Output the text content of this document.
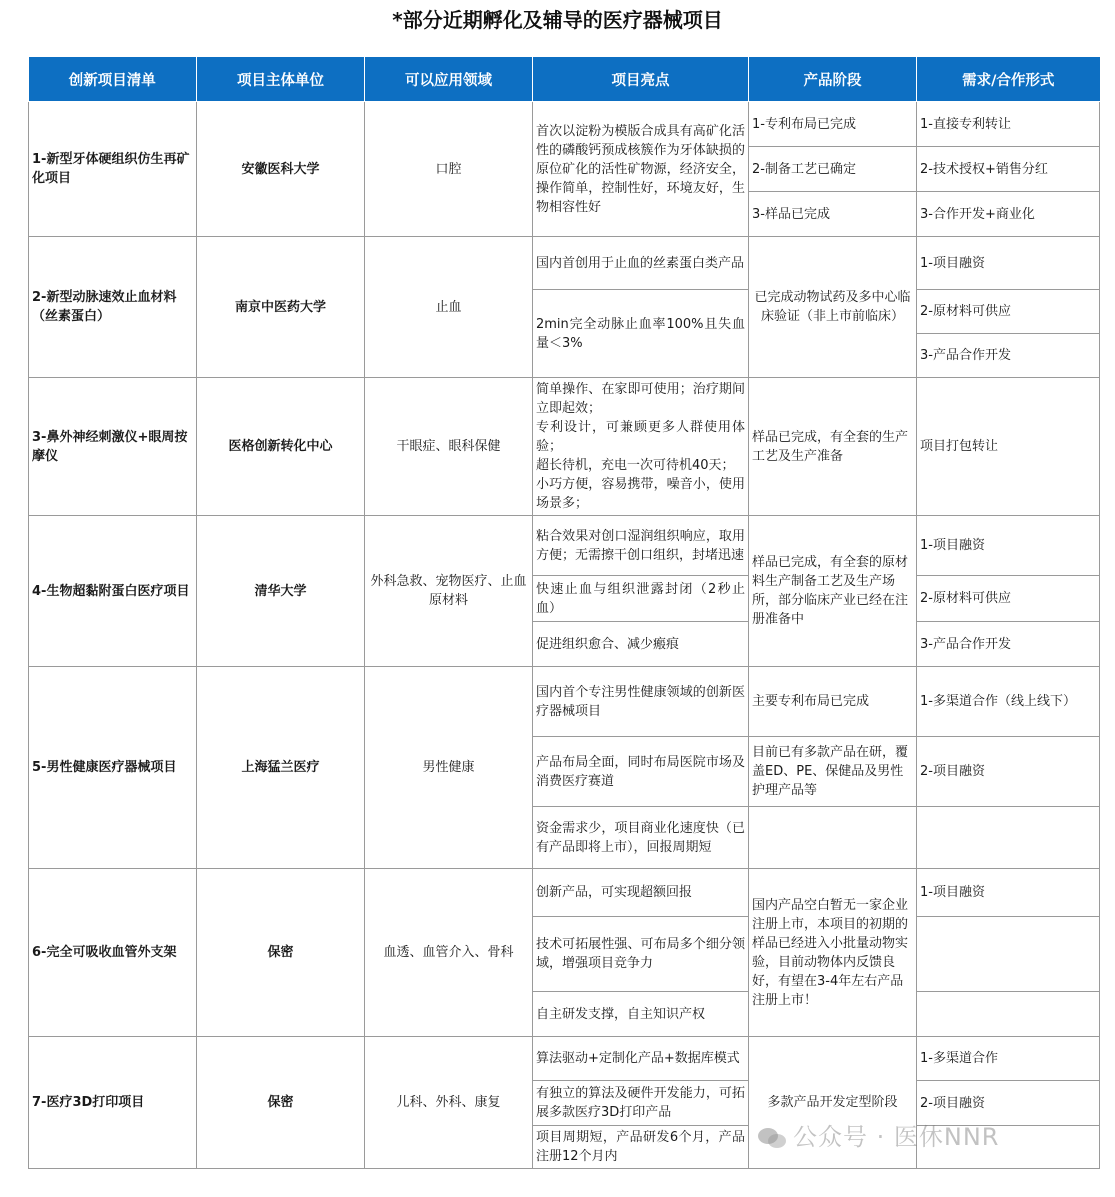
*部分近期孵化及辅导的医疗器械项目
创新项目清单	项目主体单位	可以应用领域	项目亮点	产品阶段	需求/合作形式
1-新型牙体硬组织仿生再矿化项目	安徽医科大学	口腔	首次以淀粉为模版合成具有高矿化活性的磷酸钙预成核簇作为牙体缺损的原位矿化的活性矿物源，经济安全，操作简单，控制性好，环境友好，生物相容性好	1-专利布局已完成	1-直接专利转让
				2-制备工艺已确定	2-技术授权+销售分红
				3-样品已完成	3-合作开发+商业化
2-新型动脉速效止血材料（丝素蛋白）	南京中医药大学	止血	国内首创用于止血的丝素蛋白类产品	已完成动物试药及多中心临床验证（非上市前临床）	1-项目融资
			2min完全动脉止血率100%且失血量＜3%		2-原材料可供应
					3-产品合作开发
3-鼻外神经刺激仪+眼周按摩仪	医格创新转化中心	干眼症、眼科保健	简单操作、在家即可使用；治疗期间立即起效；
专利设计，可兼顾更多人群使用体验；
超长待机，充电一次可待机40天；
小巧方便，容易携带，噪音小，使用场景多；	样品已完成，有全套的生产工艺及生产准备	项目打包转让
4-生物超黏附蛋白医疗项目	清华大学	外科急救、宠物医疗、止血原材料	粘合效果对创口湿润组织响应，取用方便；无需擦干创口组织，封堵迅速	样品已完成，有全套的原材料生产制备工艺及生产场所，部分临床产业已经在注册准备中	1-项目融资
			快速止血与组织泄露封闭（2秒止血）		2-原材料可供应
			促进组织愈合、减少瘢痕		3-产品合作开发
5-男性健康医疗器械项目	上海猛兰医疗	男性健康	国内首个专注男性健康领域的创新医疗器械项目	主要专利布局已完成	1-多渠道合作（线上线下）
			产品布局全面，同时布局医院市场及消费医疗赛道	目前已有多款产品在研，覆盖ED、PE、保健品及男性护理产品等	2-项目融资
			资金需求少，项目商业化速度快（已有产品即将上市），回报周期短		
6-完全可吸收血管外支架	保密	血透、血管介入、骨科	创新产品，可实现超额回报	国内产品空白暂无一家企业注册上市，本项目的初期的样品已经进入小批量动物实验，目前动物体内反馈良好，有望在3-4年左右产品注册上市！	1-项目融资
			技术可拓展性强、可布局多个细分领域，增强项目竞争力		
			自主研发支撑，自主知识产权		
7-医疗3D打印项目	保密	儿科、外科、康复	算法驱动+定制化产品+数据库模式	多款产品开发定型阶段	1-多渠道合作
			有独立的算法及硬件开发能力，可拓展多款医疗3D打印产品		2-项目融资
			项目周期短，产品研发6个月，产品注册12个月内		
公众号 · 医休NNR
